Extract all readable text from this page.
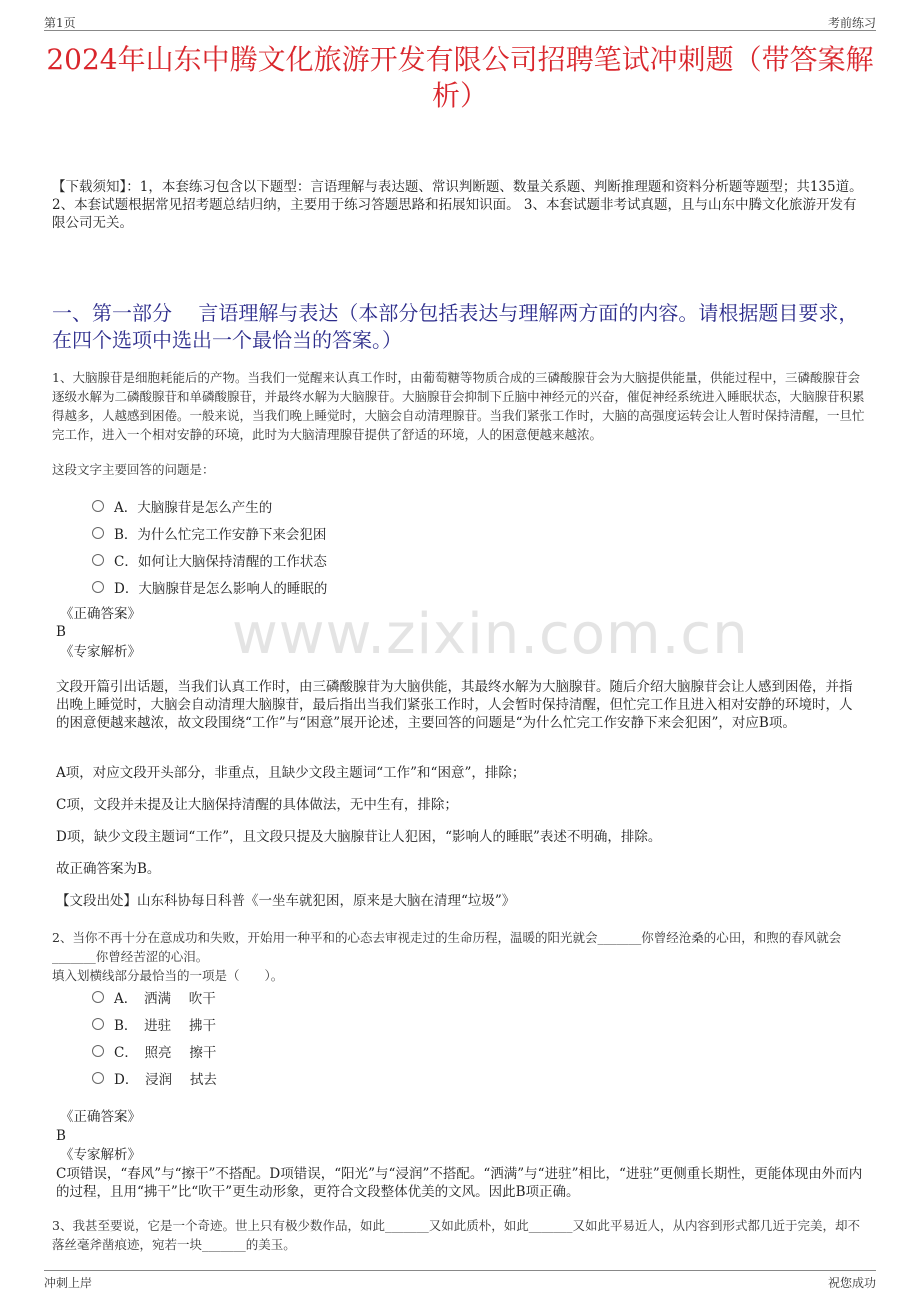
第1页	考前练习
2024年山东中腾文化旅游开发有限公司招聘笔试冲刺题（带答案解析）
【下载须知】：1，本套练习包含以下题型：言语理解与表达题、常识判断题、数量关系题、判断推理题和资料分析题等题型；共135道。 2、本套试题根据常见招考题总结归纳，主要用于练习答题思路和拓展知识面。 3、本套试题非考试真题，且与山东中腾文化旅游开发有限公司无关。
一、第一部分　 言语理解与表达（本部分包括表达与理解两方面的内容。请根据题目要求，在四个选项中选出一个最恰当的答案。）
1、大脑腺苷是细胞耗能后的产物。当我们一觉醒来认真工作时，由葡萄糖等物质合成的三磷酸腺苷会为大脑提供能量，供能过程中，三磷酸腺苷会逐级水解为二磷酸腺苷和单磷酸腺苷，并最终水解为大脑腺苷。大脑腺苷会抑制下丘脑中神经元的兴奋，催促神经系统进入睡眠状态，大脑腺苷积累得越多，人越感到困倦。一般来说，当我们晚上睡觉时，大脑会自动清理腺苷。当我们紧张工作时，大脑的高强度运转会让人暂时保持清醒，一旦忙完工作，进入一个相对安静的环境，此时为大脑清理腺苷提供了舒适的环境，人的困意便越来越浓。
这段文字主要回答的问题是：
A．大脑腺苷是怎么产生的
B．为什么忙完工作安静下来会犯困
C．如何让大脑保持清醒的工作状态
D．大脑腺苷是怎么影响人的睡眠的
《正确答案》
B
《专家解析》
文段开篇引出话题，当我们认真工作时，由三磷酸腺苷为大脑供能，其最终水解为大脑腺苷。随后介绍大脑腺苷会让人感到困倦，并指出晚上睡觉时，大脑会自动清理大脑腺苷，最后指出当我们紧张工作时，人会暂时保持清醒，但忙完工作且进入相对安静的环境时，人的困意便越来越浓，故文段围绕“工作”与“困意”展开论述，主要回答的问题是“为什么忙完工作安静下来会犯困”，对应B项。
A项，对应文段开头部分，非重点，且缺少文段主题词“工作”和“困意”，排除；
C项，文段并未提及让大脑保持清醒的具体做法，无中生有，排除；
D项，缺少文段主题词“工作”，且文段只提及大脑腺苷让人犯困，“影响人的睡眠”表述不明确，排除。
故正确答案为B。
【文段出处】山东科协每日科普《一坐车就犯困，原来是大脑在清理“垃圾”》
2、当你不再十分在意成功和失败，开始用一种平和的心态去审视走过的生命历程，温暖的阳光就会_______你曾经沧桑的心田，和煦的春风就会_______你曾经苦涩的心泪。
填入划横线部分最恰当的一项是（　　）。
A．　洒满　 吹干
B．　进驻　 拂干
C．　照亮　 擦干
D．　浸润　 拭去
《正确答案》
B
《专家解析》
C项错误，“春风”与“擦干”不搭配。D项错误，“阳光”与“浸润”不搭配。“洒满”与“进驻”相比，“进驻”更侧重长期性，更能体现由外而内的过程，且用“拂干”比“吹干”更生动形象，更符合文段整体优美的文风。因此B项正确。
3、我甚至要说，它是一个奇迹。世上只有极少数作品，如此_______又如此质朴，如此_______又如此平易近人，从内容到形式都几近于完美，却不落丝毫斧凿痕迹，宛若一块_______的美玉。
www.zixin.com.cn
冲刺上岸	祝您成功
